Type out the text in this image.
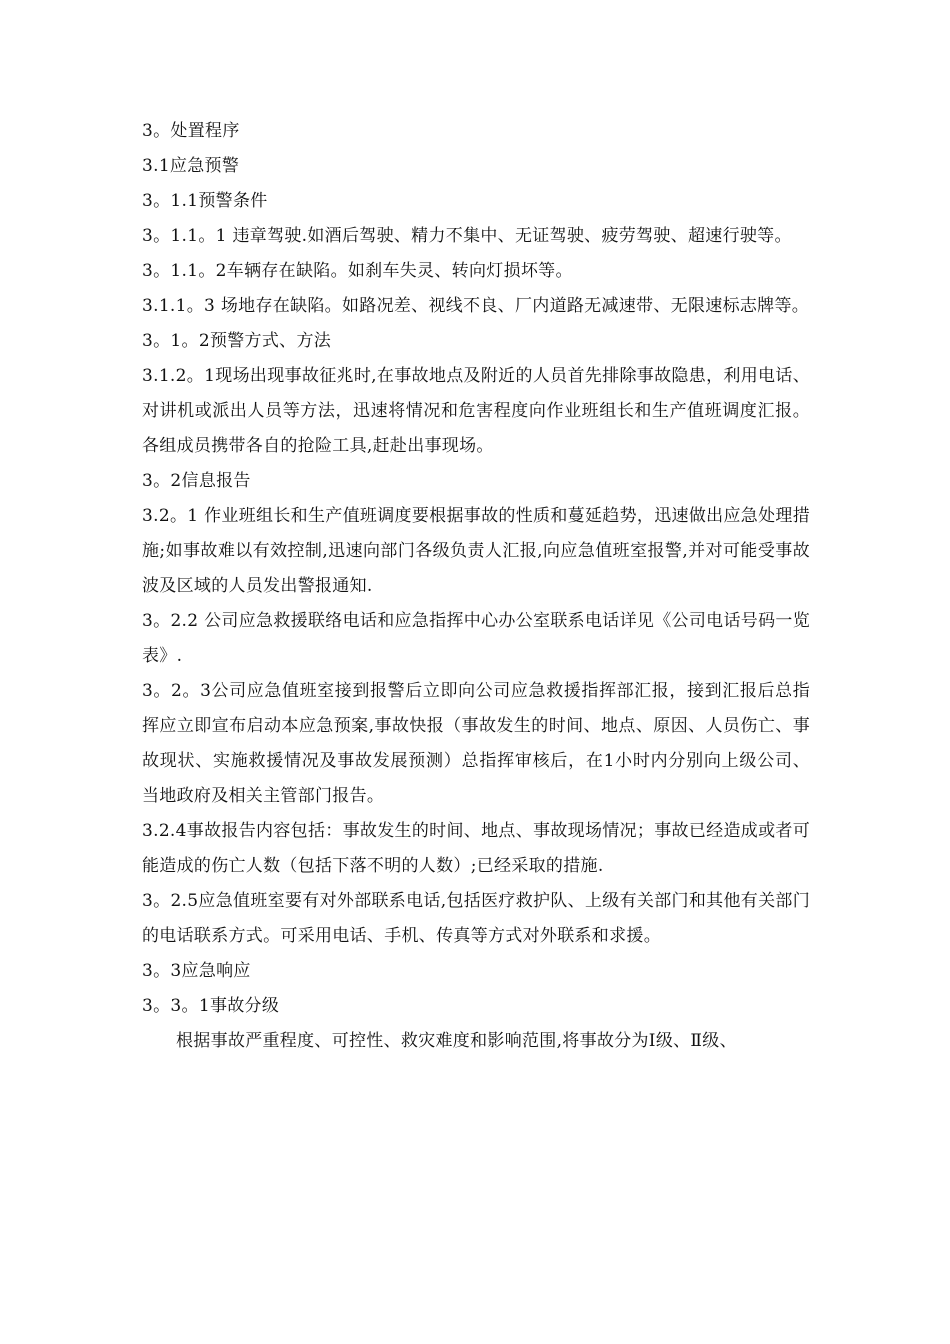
3。处置程序

3.1应急预警

3。1.1预警条件

3。1.1。1 违章驾驶.如酒后驾驶、精力不集中、无证驾驶、疲劳驾驶、超速行驶等。

3。1.1。2车辆存在缺陷。如刹车失灵、转向灯损坏等。

3.1.1。3 场地存在缺陷。如路况差、视线不良、厂内道路无减速带、无限速标志牌等。

3。1。2预警方式、方法

3.1.2。1现场出现事故征兆时,在事故地点及附近的人员首先排除事故隐患，利用电话、对讲机或派出人员等方法，迅速将情况和危害程度向作业班组长和生产值班调度汇报。各组成员携带各自的抢险工具,赶赴出事现场。

3。2信息报告

3.2。1 作业班组长和生产值班调度要根据事故的性质和蔓延趋势，迅速做出应急处理措施;如事故难以有效控制,迅速向部门各级负责人汇报,向应急值班室报警,并对可能受事故波及区域的人员发出警报通知.

3。2.2 公司应急救援联络电话和应急指挥中心办公室联系电话详见《公司电话号码一览表》.

3。2。3公司应急值班室接到报警后立即向公司应急救援指挥部汇报，接到汇报后总指挥应立即宣布启动本应急预案,事故快报（事故发生的时间、地点、原因、人员伤亡、事故现状、实施救援情况及事故发展预测）总指挥审核后，在1小时内分别向上级公司、当地政府及相关主管部门报告。

3.2.4事故报告内容包括：事故发生的时间、地点、事故现场情况；事故已经造成或者可能造成的伤亡人数（包括下落不明的人数）;已经采取的措施.

3。2.5应急值班室要有对外部联系电话,包括医疗救护队、上级有关部门和其他有关部门的电话联系方式。可采用电话、手机、传真等方式对外联系和求援。

3。3应急响应

3。3。1事故分级

根据事故严重程度、可控性、救灾难度和影响范围,将事故分为Ⅰ级、Ⅱ级、
